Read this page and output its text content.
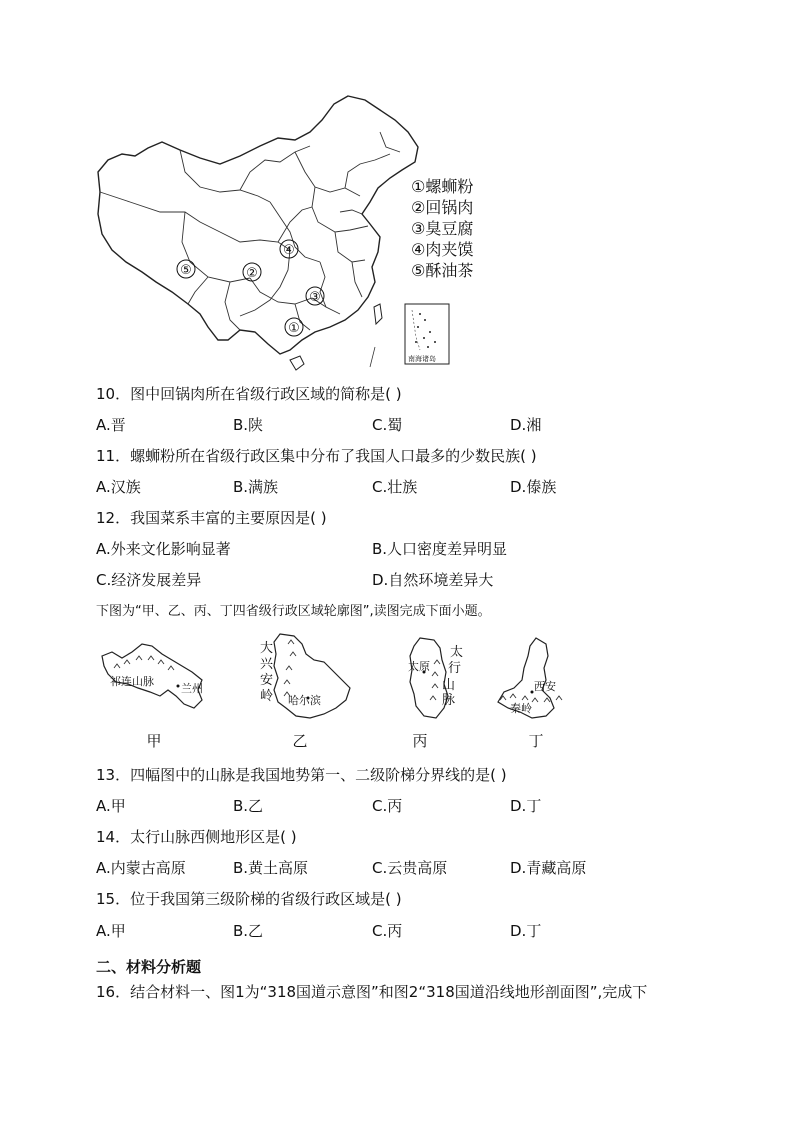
⑤	②
④
③
①
南海诸岛
①螺蛳粉
②回锅肉
③臭豆腐
④肉夹馍
⑤酥油茶
10．图中回锅肉所在省级行政区域的简称是( )
A.晋	B.陕	C.蜀	D.湘
11．螺蛳粉所在省级行政区集中分布了我国人口最多的少数民族( )
A.汉族	B.满族	C.壮族	D.傣族
12．我国菜系丰富的主要原因是( )
A.外来文化影响显著	B.人口密度差异明显
C.经济发展差异	D.自然环境差异大
下图为“甲、乙、丙、丁四省级行政区域轮廓图”,读图完成下面小题。
祁连山脉
兰州
甲
大
兴
安
岭 哈尔滨
乙
太原
太
行
山
脉
丙
西安
秦岭
丁
13．四幅图中的山脉是我国地势第一、二级阶梯分界线的是( )
A.甲	B.乙	C.丙	D.丁
14．太行山脉西侧地形区是( )
A.内蒙古高原	B.黄土高原	C.云贵高原	D.青藏高原
15．位于我国第三级阶梯的省级行政区域是( )
A.甲	B.乙	C.丙	D.丁
二、材料分析题
16．结合材料一、图1为“318国道示意图”和图2“318国道沿线地形剖面图”,完成下
